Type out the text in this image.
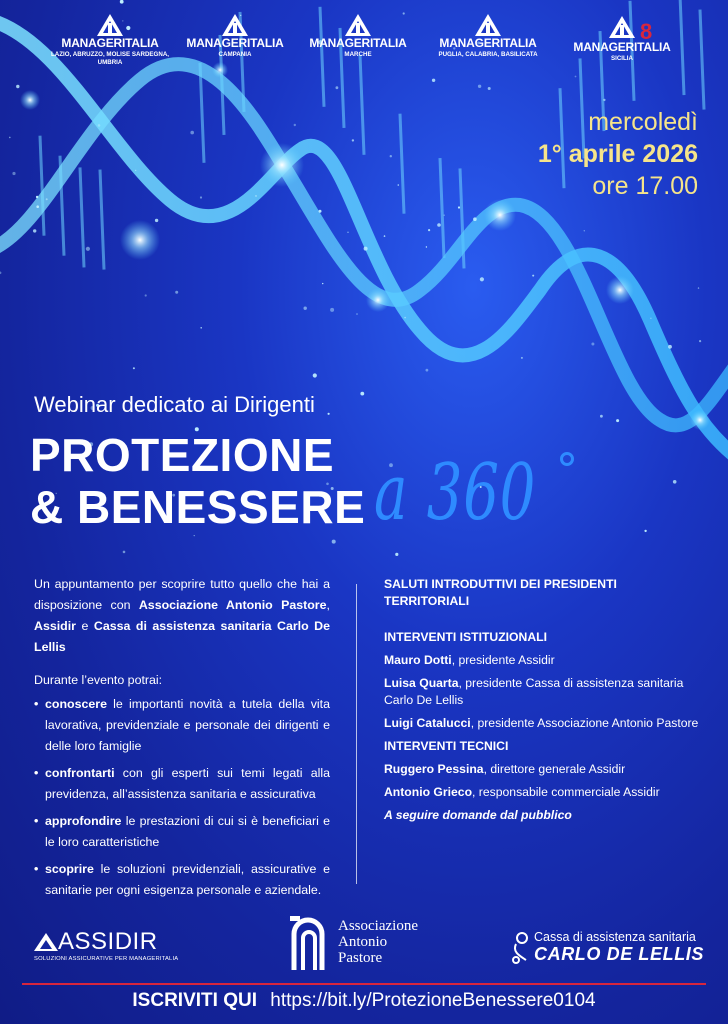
MANAGERITALIA
LAZIO, ABRUZZO, MOLISE SARDEGNA, UMBRIA
MANAGERITALIA
CAMPANIA
MANAGERITALIA
MARCHE
MANAGERITALIA
PUGLIA, CALABRIA, BASILICATA
8
MANAGERITALIA
SICILIA
mercoledì
1° aprile 2026
ore 17.00
Webinar dedicato ai Dirigenti
PROTEZIONE
& BENESSERE a 360

Un appuntamento per scoprire tutto quello che hai a disposizione con Associazione Antonio Pastore, Assidir e Cassa di assistenza sanitaria Carlo De Lellis

Durante l’evento potrai:

• conoscere le importanti novità a tutela della vita lavorativa, previdenziale e personale dei dirigenti e delle loro famiglie
• confrontarti con gli esperti sui temi legati alla previdenza, all’assistenza sanitaria e assicurativa
• approfondire le prestazioni di cui si è beneficiari e le loro caratteristiche
• scoprire le soluzioni previdenziali, assicurative e sanitarie per ogni esigenza personale e aziendale.
SALUTI INTRODUTTIVI DEI PRESIDENTI TERRITORIALI
INTERVENTI ISTITUZIONALI
Mauro Dotti, presidente Assidir
Luisa Quarta, presidente Cassa di assistenza sanitaria Carlo De Lellis
Luigi Catalucci, presidente Associazione Antonio Pastore
INTERVENTI TECNICI
Ruggero Pessina, direttore generale Assidir
Antonio Grieco, responsabile commerciale Assidir
A seguire domande dal pubblico
ASSIDIR
SOLUZIONI ASSICURATIVE PER MANAGERITALIA
Associazione
Antonio
Pastore
Cassa di assistenza sanitaria
CARLO DE LELLIS
ISCRIVITI QUI https://bit.ly/ProtezioneBenessere0104
